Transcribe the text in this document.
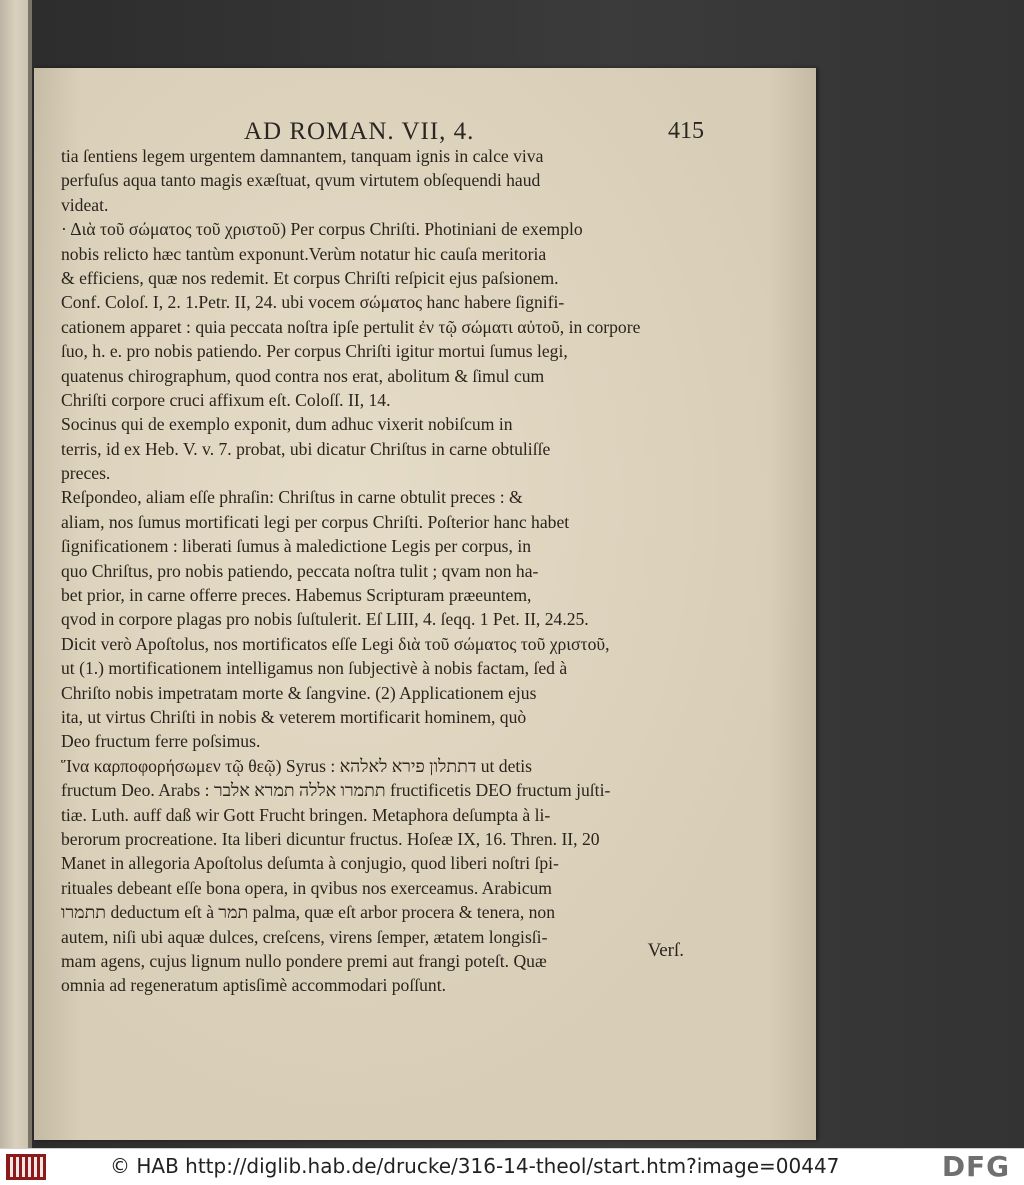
AD ROMAN. VII, 4.	415
tia ſentiens legem urgentem damnantem, tanquam ignis in calce viva
perfuſus aqua tanto magis exæſtuat, qvum virtutem obſequendi haud
videat.
· Διὰ τοῦ σώματος τοῦ χριστοῦ) Per corpus Chriſti. Photiniani de exemplo
nobis relicto hæc tantùm exponunt.Verùm notatur hic cauſa meritoria
& efficiens, quæ nos redemit. Et corpus Chriſti reſpicit ejus paſsionem.
Conf. Coloſ. I, 2. 1.Petr. II, 24. ubi vocem σώματος hanc habere ſignifi-
cationem apparet : quia peccata noſtra ipſe pertulit ἐν τῷ σώματι αὐτοῦ, in corpore
ſuo, h. e. pro nobis patiendo. Per corpus Chriſti igitur mortui ſumus legi,
quatenus chirographum, quod contra nos erat, abolitum & ſimul cum
Chriſti corpore cruci affixum eſt. Coloſſ. II, 14.
Socinus qui de exemplo exponit, dum adhuc vixerit nobiſcum in
terris, id ex Heb. V. v. 7. probat, ubi dicatur Chriſtus in carne obtuliſſe
preces.
Reſpondeo, aliam eſſe phraſin: Chriſtus in carne obtulit preces : &
aliam, nos ſumus mortificati legi per corpus Chriſti. Poſterior hanc habet
ſignificationem : liberati ſumus à maledictione Legis per corpus, in
quo Chriſtus, pro nobis patiendo, peccata noſtra tulit ; qvam non ha-
bet prior, in carne offerre preces. Habemus Scripturam præeuntem,
qvod in corpore plagas pro nobis ſuſtulerit. Eſ LIII, 4. ſeqq. 1 Pet. II, 24.25.
Dicit verò Apoſtolus, nos mortificatos eſſe Legi διὰ τοῦ σώματος τοῦ χριστοῦ,
ut (1.) mortificationem intelligamus non ſubjectivè à nobis factam, ſed à
Chriſto nobis impetratam morte & ſangvine. (2) Applicationem ejus
ita, ut virtus Chriſti in nobis & veterem mortificarit hominem, quò
Deo fructum ferre poſsimus.
Ἵνα καρποφορήσωμεν τῷ θεῷ) Syrus : דתתלון פירא לאלהא ut detis
fructum Deo. Arabs : תתמרו אללה תמרא אלבר fructificetis DEO fructum juſti-
tiæ. Luth. auff daß wir Gott Frucht bringen. Metaphora deſumpta à li-
berorum procreatione. Ita liberi dicuntur fructus. Hoſeæ IX, 16. Thren. II, 20
Manet in allegoria Apoſtolus deſumta à conjugio, quod liberi noſtri ſpi-
rituales debeant eſſe bona opera, in qvibus nos exerceamus. Arabicum
תתמרו deductum eſt à תמר palma, quæ eſt arbor procera & tenera, non
autem, niſi ubi aquæ dulces, creſcens, virens ſemper, ætatem longisſi-
mam agens, cujus lignum nullo pondere premi aut frangi poteſt. Quæ
omnia ad regeneratum aptisſimè accommodari poſſunt.
Verſ.
© HAB http://diglib.hab.de/drucke/316-14-theol/start.htm?image=00447	DFG
